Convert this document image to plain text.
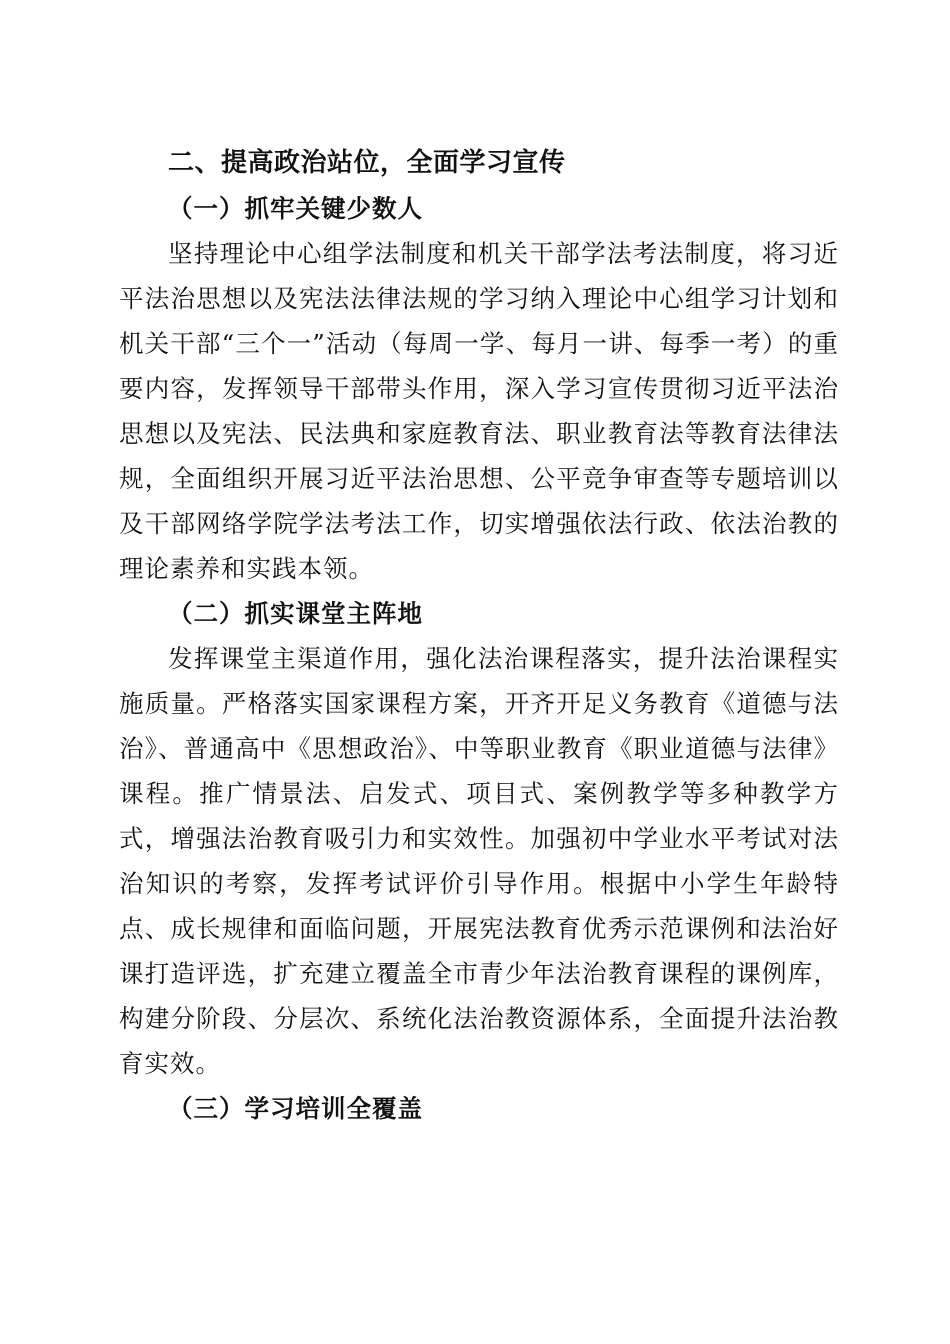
二、提高政治站位，全面学习宣传

（一）抓牢关键少数人

坚持理论中心组学法制度和机关干部学法考法制度，将习近平法治思想以及宪法法律法规的学习纳入理论中心组学习计划和机关干部“三个一”活动（每周一学、每月一讲、每季一考）的重要内容，发挥领导干部带头作用，深入学习宣传贯彻习近平法治思想以及宪法、民法典和家庭教育法、职业教育法等教育法律法规，全面组织开展习近平法治思想、公平竞争审查等专题培训以及干部网络学院学法考法工作，切实增强依法行政、依法治教的理论素养和实践本领。

（二）抓实课堂主阵地

发挥课堂主渠道作用，强化法治课程落实，提升法治课程实施质量。严格落实国家课程方案，开齐开足义务教育《道德与法治》、普通高中《思想政治》、中等职业教育《职业道德与法律》课程。推广情景法、启发式、项目式、案例教学等多种教学方式，增强法治教育吸引力和实效性。加强初中学业水平考试对法治知识的考察，发挥考试评价引导作用。根据中小学生年龄特点、成长规律和面临问题，开展宪法教育优秀示范课例和法治好课打造评选，扩充建立覆盖全市青少年法治教育课程的课例库，构建分阶段、分层次、系统化法治教资源体系，全面提升法治教育实效。

（三）学习培训全覆盖
